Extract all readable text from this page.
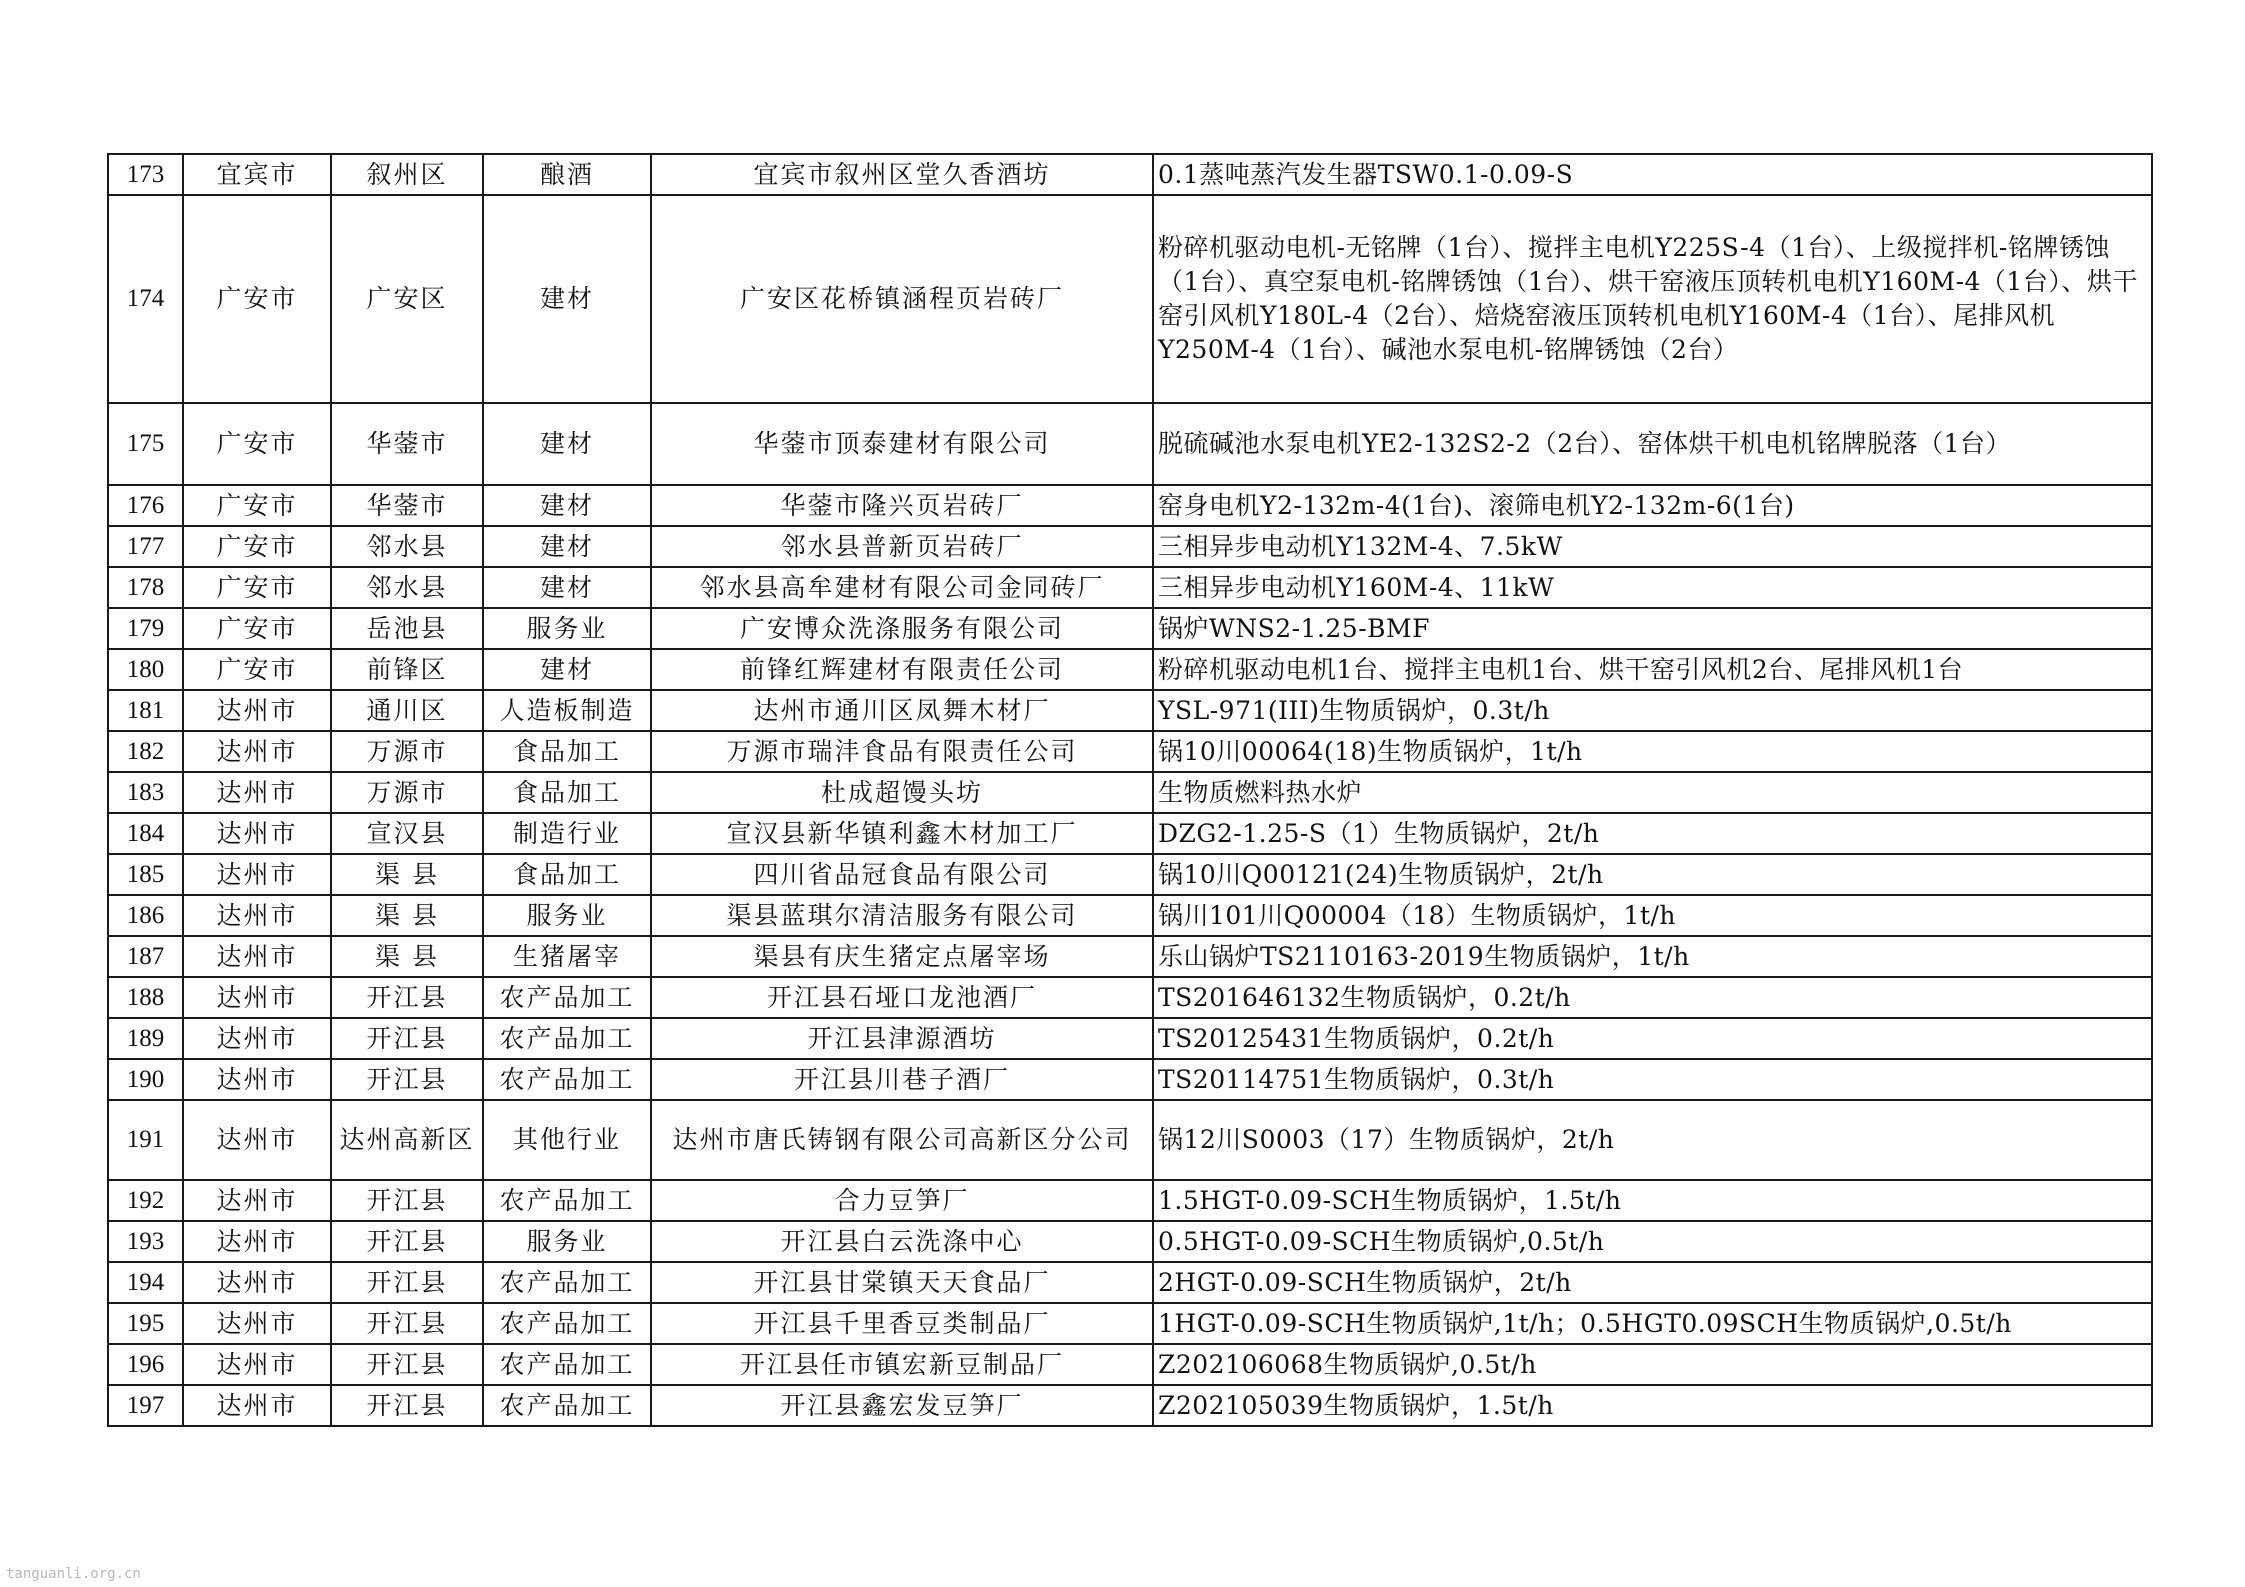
173	宜宾市	叙州区	酿酒	宜宾市叙州区堂久香酒坊	0.1蒸吨蒸汽发生器TSW0.1-0.09-S
174	广安市	广安区	建材	广安区花桥镇涵程页岩砖厂	粉碎机驱动电机-无铭牌（1台）、搅拌主电机Y225S-4（1台）、上级搅拌机-铭牌锈蚀（1台）、真空泵电机-铭牌锈蚀（1台）、烘干窑液压顶转机电机Y160M-4（1台）、烘干窑引风机Y180L-4（2台）、焙烧窑液压顶转机电机Y160M-4（1台）、尾排风机Y250M-4（1台）、碱池水泵电机-铭牌锈蚀（2台）
175	广安市	华蓥市	建材	华蓥市顶泰建材有限公司	脱硫碱池水泵电机YE2-132S2-2（2台）、窑体烘干机电机铭牌脱落（1台）
176	广安市	华蓥市	建材	华蓥市隆兴页岩砖厂	窑身电机Y2-132m-4(1台)、滚筛电机Y2-132m-6(1台)
177	广安市	邻水县	建材	邻水县普新页岩砖厂	三相异步电动机Y132M-4、7.5kW
178	广安市	邻水县	建材	邻水县高牟建材有限公司金同砖厂	三相异步电动机Y160M-4、11kW
179	广安市	岳池县	服务业	广安博众洗涤服务有限公司	锅炉WNS2-1.25-BMF
180	广安市	前锋区	建材	前锋红辉建材有限责任公司	粉碎机驱动电机1台、搅拌主电机1台、烘干窑引风机2台、尾排风机1台
181	达州市	通川区	人造板制造	达州市通川区凤舞木材厂	YSL-971(III)生物质锅炉，0.3t/h
182	达州市	万源市	食品加工	万源市瑞沣食品有限责任公司	锅10川00064(18)生物质锅炉，1t/h
183	达州市	万源市	食品加工	杜成超馒头坊	生物质燃料热水炉
184	达州市	宣汉县	制造行业	宣汉县新华镇利鑫木材加工厂	DZG2-1.25-S（1）生物质锅炉，2t/h
185	达州市	渠 县	食品加工	四川省品冠食品有限公司	锅10川Q00121(24)生物质锅炉，2t/h
186	达州市	渠 县	服务业	渠县蓝琪尔清洁服务有限公司	锅川101川Q00004（18）生物质锅炉，1t/h
187	达州市	渠 县	生猪屠宰	渠县有庆生猪定点屠宰场	乐山锅炉TS2110163-2019生物质锅炉，1t/h
188	达州市	开江县	农产品加工	开江县石垭口龙池酒厂	TS201646132生物质锅炉，0.2t/h
189	达州市	开江县	农产品加工	开江县津源酒坊	TS20125431生物质锅炉，0.2t/h
190	达州市	开江县	农产品加工	开江县川巷子酒厂	TS20114751生物质锅炉，0.3t/h
191	达州市	达州高新区	其他行业	达州市唐氏铸钢有限公司高新区分公司	锅12川S0003（17）生物质锅炉，2t/h
192	达州市	开江县	农产品加工	合力豆笋厂	1.5HGT-0.09-SCH生物质锅炉，1.5t/h
193	达州市	开江县	服务业	开江县白云洗涤中心	0.5HGT-0.09-SCH生物质锅炉,0.5t/h
194	达州市	开江县	农产品加工	开江县甘棠镇天天食品厂	2HGT-0.09-SCH生物质锅炉，2t/h
195	达州市	开江县	农产品加工	开江县千里香豆类制品厂	1HGT-0.09-SCH生物质锅炉,1t/h；0.5HGT0.09SCH生物质锅炉,0.5t/h
196	达州市	开江县	农产品加工	开江县任市镇宏新豆制品厂	Z202106068生物质锅炉,0.5t/h
197	达州市	开江县	农产品加工	开江县鑫宏发豆笋厂	Z202105039生物质锅炉，1.5t/h
tanguanli.org.cn
